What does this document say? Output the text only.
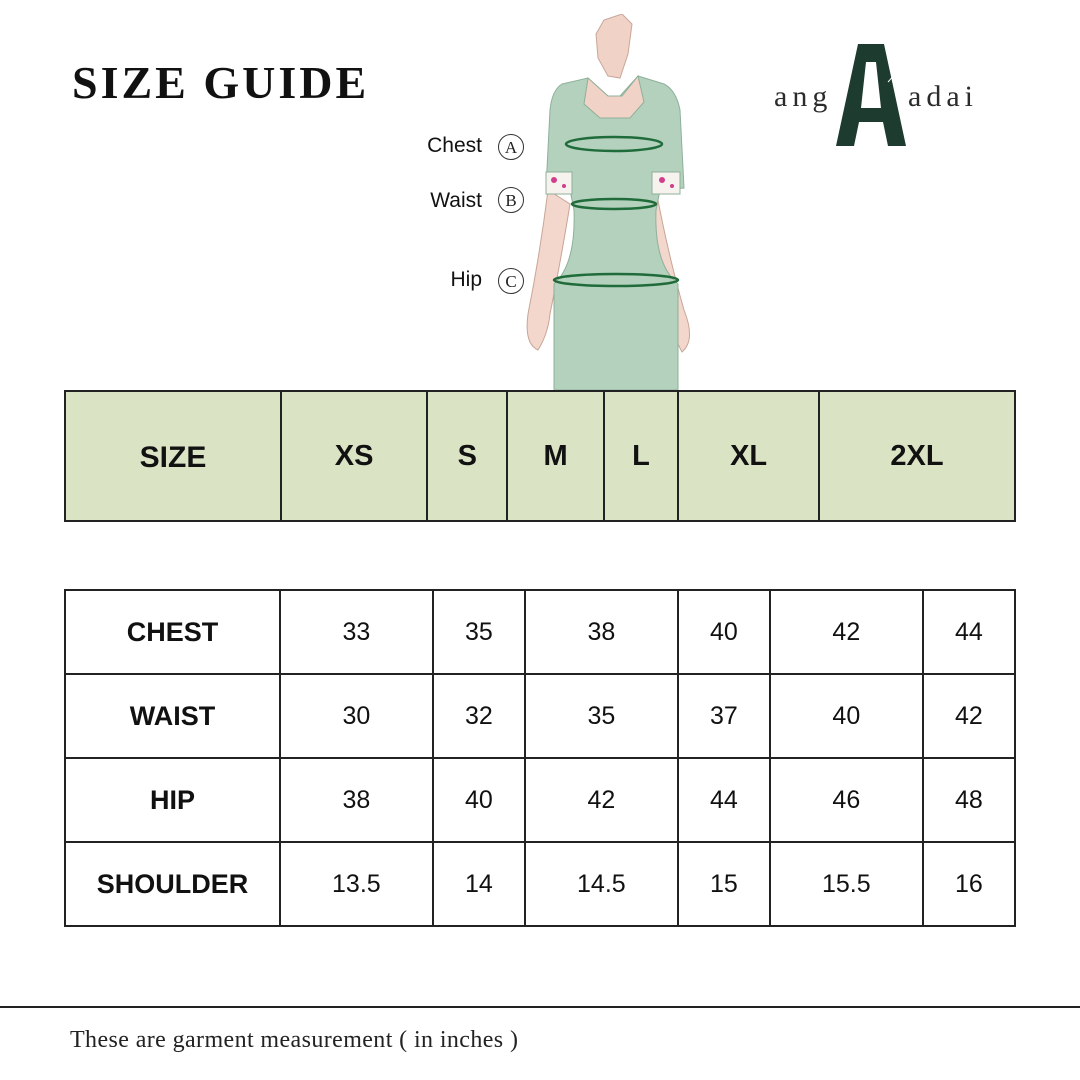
SIZE GUIDE	ang	adai
Chest	A
Waist	B
Hip	C
SIZE	XS	S	M	L	XL	2XL
CHEST	33	35	38	40	42	44
WAIST	30	32	35	37	40	42
HIP	38	40	42	44	46	48
SHOULDER	13.5	14	14.5	15	15.5	16
These are garment measurement ( in inches )
